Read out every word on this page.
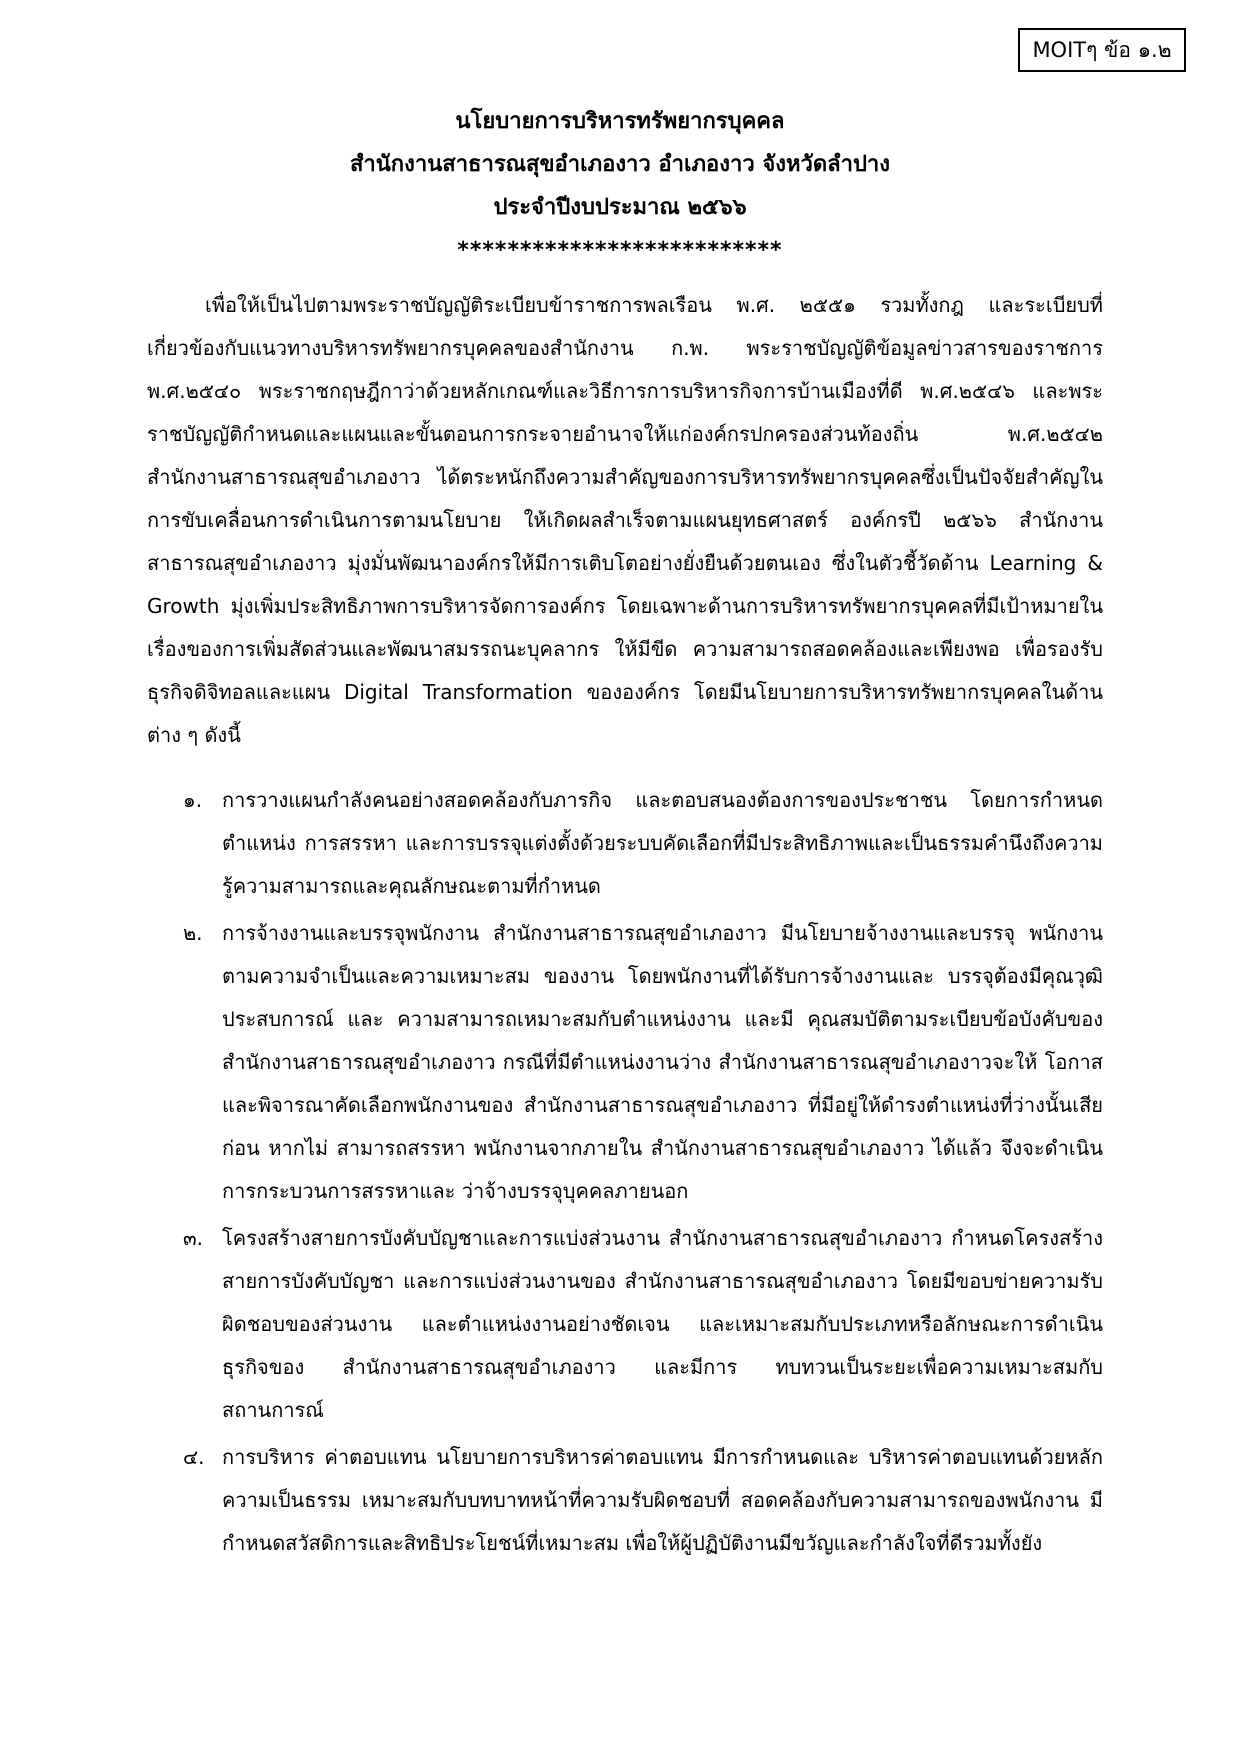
MOITๆ ข้อ ๑.๒
นโยบายการบริหารทรัพยากรบุคคล
สำนักงานสาธารณสุขอำเภองาว อำเภองาว จังหวัดลำปาง
ประจำปีงบประมาณ ๒๕๖๖
**************************

เพื่อให้เป็นไปตามพระราชบัญญัติระเบียบข้าราชการพลเรือน พ.ศ. ๒๕๕๑ รวมทั้งกฎ และระเบียบที่เกี่ยวข้องกับแนวทางบริหารทรัพยากรบุคคลของสำนักงาน ก.พ. พระราชบัญญัติข้อมูลข่าวสารของราชการ พ.ศ.๒๕๔๐ พระราชกฤษฎีกาว่าด้วยหลักเกณฑ์และวิธีการการบริหารกิจการบ้านเมืองที่ดี พ.ศ.๒๕๔๖ และพระราชบัญญัติกำหนดและแผนและขั้นตอนการกระจายอำนาจให้แก่องค์กรปกครองส่วนท้องถิ่น พ.ศ.๒๕๔๒ สำนักงานสาธารณสุขอำเภองาว ได้ตระหนักถึงความสำคัญของการบริหารทรัพยากรบุคคลซึ่งเป็นปัจจัยสำคัญในการขับเคลื่อนการดำเนินการตามนโยบาย ให้เกิดผลสำเร็จตามแผนยุทธศาสตร์ องค์กรปี ๒๕๖๖ สำนักงานสาธารณสุขอำเภองาว มุ่งมั่นพัฒนาองค์กรให้มีการเติบโตอย่างยั่งยืนด้วยตนเอง ซึ่งในตัวชี้วัดด้าน Learning & Growth มุ่งเพิ่มประสิทธิภาพการบริหารจัดการองค์กร โดยเฉพาะด้านการบริหารทรัพยากรบุคคลที่มีเป้าหมายในเรื่องของการเพิ่มสัดส่วนและพัฒนาสมรรถนะบุคลากร ให้มีขีด ความสามารถสอดคล้องและเพียงพอ เพื่อรองรับธุรกิจดิจิทอลและแผน Digital Transformation ขององค์กร โดยมีนโยบายการบริหารทรัพยากรบุคคลในด้านต่าง ๆ ดังนี้

๑. การวางแผนกำลังคนอย่างสอดคล้องกับภารกิจ และตอบสนองต้องการของประชาชน โดยการกำหนดตำแหน่ง การสรรหา และการบรรจุแต่งตั้งด้วยระบบคัดเลือกที่มีประสิทธิภาพและเป็นธรรมคำนึงถึงความรู้ความสามารถและคุณลักษณะตามที่กำหนด
๒. การจ้างงานและบรรจุพนักงาน สำนักงานสาธารณสุขอำเภองาว มีนโยบายจ้างงานและบรรจุ พนักงานตามความจำเป็นและความเหมาะสม ของงาน โดยพนักงานที่ได้รับการจ้างงานและ บรรจุต้องมีคุณวุฒิประสบการณ์ และ ความสามารถเหมาะสมกับตำแหน่งงาน และมี คุณสมบัติตามระเบียบข้อบังคับของ สำนักงานสาธารณสุขอำเภองาว กรณีที่มีตำแหน่งงานว่าง สำนักงานสาธารณสุขอำเภองาวจะให้ โอกาส และพิจารณาคัดเลือกพนักงานของ สำนักงานสาธารณสุขอำเภองาว ที่มีอยู่ให้ดำรงตำแหน่งที่ว่างนั้นเสียก่อน หากไม่ สามารถสรรหา พนักงานจากภายใน สำนักงานสาธารณสุขอำเภองาว ได้แล้ว จึงจะดำเนินการกระบวนการสรรหาและ ว่าจ้างบรรจุบุคคลภายนอก
๓. โครงสร้างสายการบังคับบัญชาและการแบ่งส่วนงาน สำนักงานสาธารณสุขอำเภองาว กำหนดโครงสร้างสายการบังคับบัญชา และการแบ่งส่วนงานของ สำนักงานสาธารณสุขอำเภองาว โดยมีขอบข่ายความรับผิดชอบของส่วนงาน และตำแหน่งงานอย่างชัดเจน และเหมาะสมกับประเภทหรือลักษณะการดำเนินธุรกิจของ สำนักงานสาธารณสุขอำเภองาว และมีการ ทบทวนเป็นระยะเพื่อความเหมาะสมกับสถานการณ์
๔. การบริหาร ค่าตอบแทน นโยบายการบริหารค่าตอบแทน มีการกำหนดและ บริหารค่าตอบแทนด้วยหลักความเป็นธรรม เหมาะสมกับบทบาทหน้าที่ความรับผิดชอบที่ สอดคล้องกับความสามารถของพนักงาน มีกำหนดสวัสดิการและสิทธิประโยชน์ที่เหมาะสม เพื่อให้ผู้ปฏิบัติงานมีขวัญและกำลังใจที่ดีรวมทั้งยัง
